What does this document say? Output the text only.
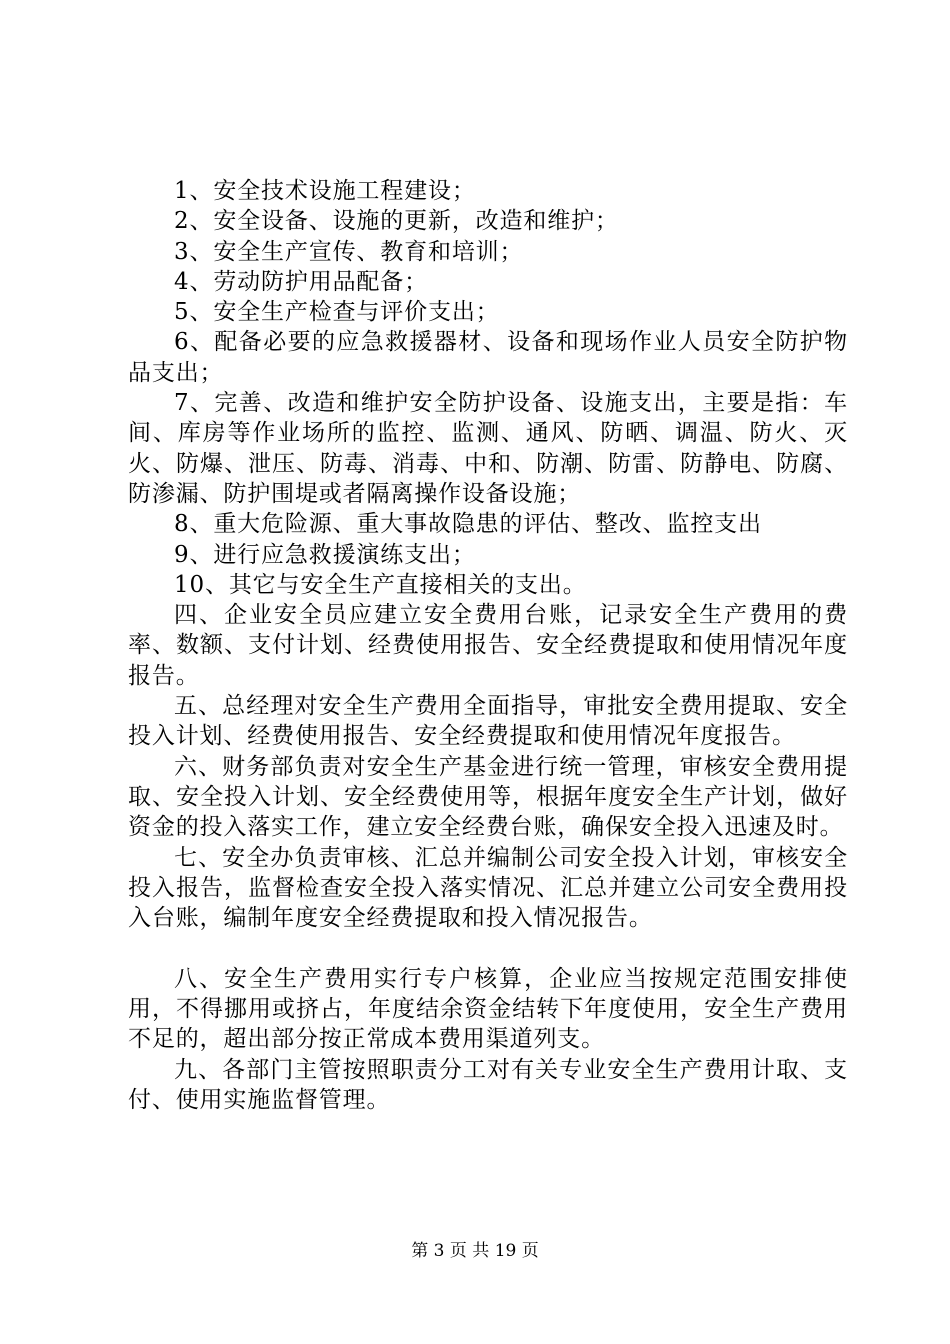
1、安全技术设施工程建设；

2、安全设备、设施的更新，改造和维护；

3、安全生产宣传、教育和培训；

4、劳动防护用品配备；

5、安全生产检查与评价支出；

6、配备必要的应急救援器材、设备和现场作业人员安全防护物品支出；

7、完善、改造和维护安全防护设备、设施支出，主要是指：车间、库房等作业场所的监控、监测、通风、防晒、调温、防火、灭火、防爆、泄压、防毒、消毒、中和、防潮、防雷、防静电、防腐、防渗漏、防护围堤或者隔离操作设备设施；

8、重大危险源、重大事故隐患的评估、整改、监控支出

9、进行应急救援演练支出；

10、其它与安全生产直接相关的支出。

四、企业安全员应建立安全费用台账，记录安全生产费用的费率、数额、支付计划、经费使用报告、安全经费提取和使用情况年度报告。

五、总经理对安全生产费用全面指导，审批安全费用提取、安全投入计划、经费使用报告、安全经费提取和使用情况年度报告。

六、财务部负责对安全生产基金进行统一管理，审核安全费用提取、安全投入计划、安全经费使用等，根据年度安全生产计划，做好资金的投入落实工作，建立安全经费台账，确保安全投入迅速及时。

七、安全办负责审核、汇总并编制公司安全投入计划，审核安全投入报告，监督检查安全投入落实情况、汇总并建立公司安全费用投入台账，编制年度安全经费提取和投入情况报告。

八、安全生产费用实行专户核算，企业应当按规定范围安排使用，不得挪用或挤占，年度结余资金结转下年度使用，安全生产费用不足的，超出部分按正常成本费用渠道列支。

九、各部门主管按照职责分工对有关专业安全生产费用计取、支付、使用实施监督管理。

第 3 页 共 19 页
